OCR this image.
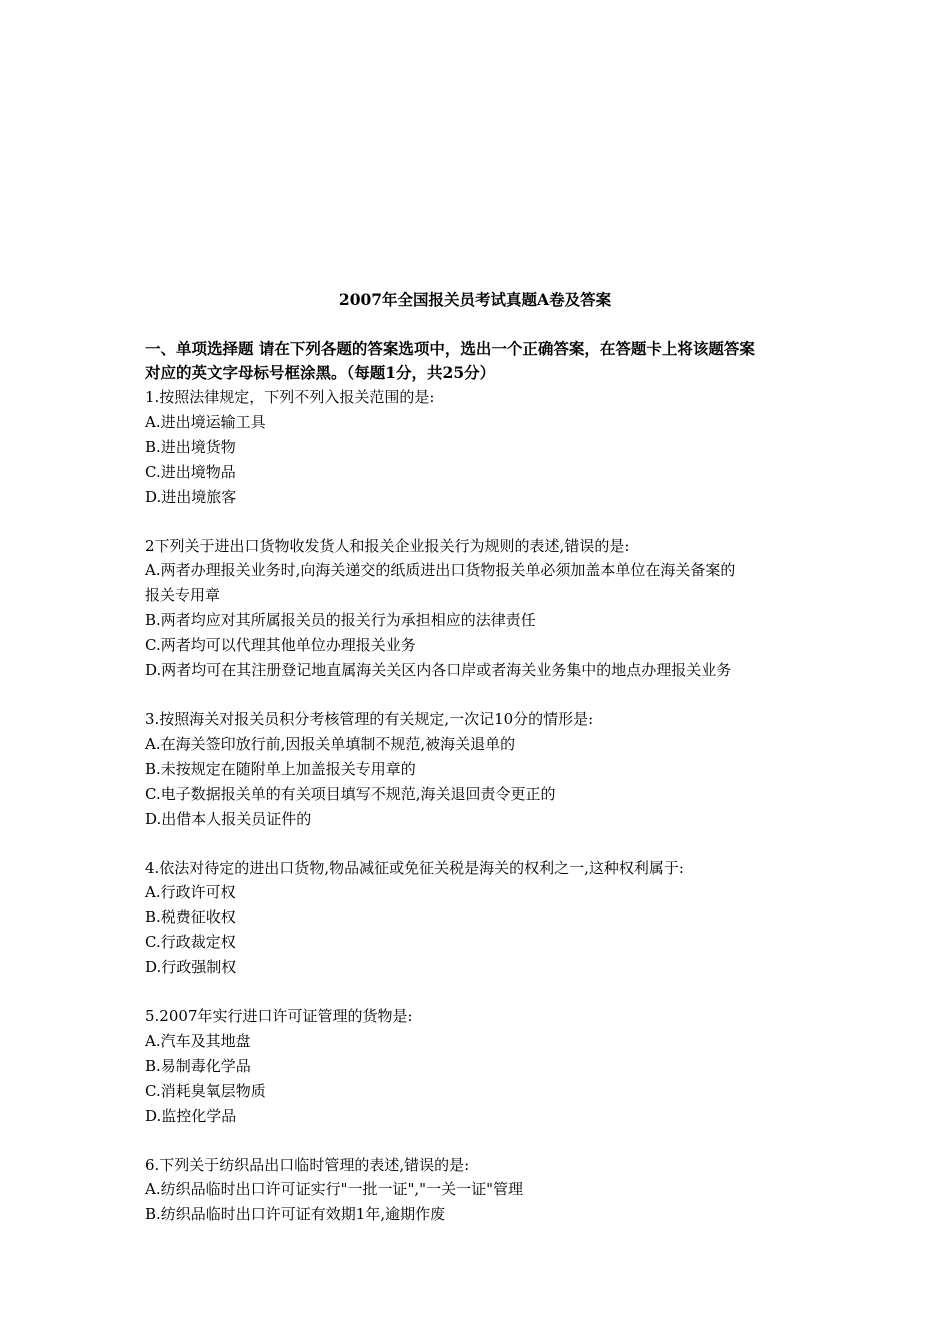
2007年全国报关员考试真题A卷及答案
一、单项选择题 请在下列各题的答案选项中，选出一个正确答案，在答题卡上将该题答案
对应的英文字母标号框涂黑。（每题1分，共25分）

1.按照法律规定，下列不列入报关范围的是:

A.进出境运输工具

B.进出境货物

C.进出境物品

D.进出境旅客

2下列关于进出口货物收发货人和报关企业报关行为规则的表述,错误的是:

A.两者办理报关业务时,向海关递交的纸质进出口货物报关单必须加盖本单位在海关备案的

报关专用章

B.两者均应对其所属报关员的报关行为承担相应的法律责任

C.两者均可以代理其他单位办理报关业务

D.两者均可在其注册登记地直属海关关区内各口岸或者海关业务集中的地点办理报关业务

3.按照海关对报关员积分考核管理的有关规定,一次记10分的情形是:

A.在海关签印放行前,因报关单填制不规范,被海关退单的

B.未按规定在随附单上加盖报关专用章的

C.电子数据报关单的有关项目填写不规范,海关退回责令更正的

D.出借本人报关员证件的

4.依法对待定的进出口货物,物品减征或免征关税是海关的权利之一,这种权利属于:

A.行政许可权

B.税费征收权

C.行政裁定权

D.行政强制权

5.2007年实行进口许可证管理的货物是:

A.汽车及其地盘

B.易制毒化学品

C.消耗臭氧层物质

D.监控化学品

6.下列关于纺织品出口临时管理的表述,错误的是:

A.纺织品临时出口许可证实行"一批一证","一关一证"管理

B.纺织品临时出口许可证有效期1年,逾期作废
